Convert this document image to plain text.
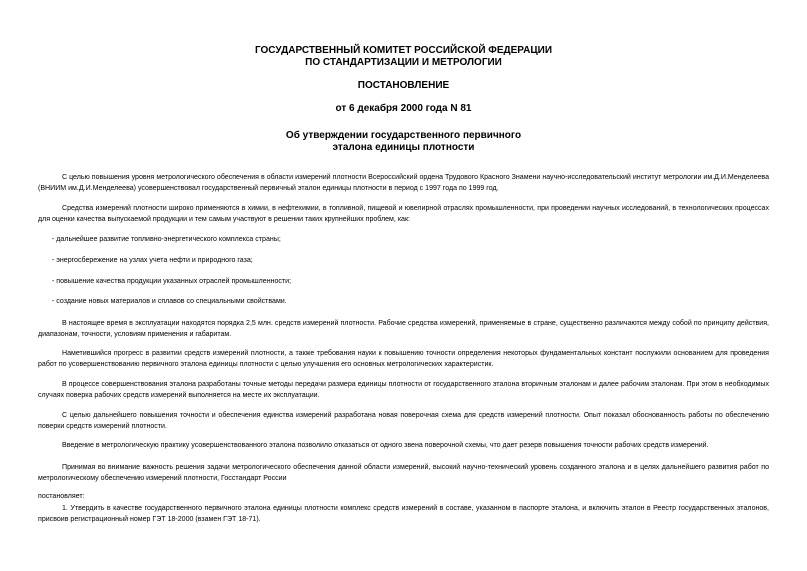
ГОСУДАРСТВЕННЫЙ КОМИТЕТ РОССИЙСКОЙ ФЕДЕРАЦИИ

ПО СТАНДАРТИЗАЦИИ И МЕТРОЛОГИИ

ПОСТАНОВЛЕНИЕ

от 6 декабря 2000 года N 81

Об утверждении государственного первичного

эталона единицы плотности

С целью повышения уровня метрологического обеспечения в области измерений плотности Всероссийский ордена Трудового Красного Знамени научно-исследовательский институт метрологии им.Д.И.Менделеева (ВНИИМ им.Д.И.Менделеева) усовершенствовал государственный первичный эталон единицы плотности в период с 1997 года по 1999 год.

Средства измерений плотности широко применяются в химии, в нефтехимии, в топливной, пищевой и ювелирной отраслях промышленности, при проведении научных исследований, в технологических процессах для оценки качества выпускаемой продукции и тем самым участвуют в решении таких крупнейших проблем, как:

- дальнейшее развитие топливно-энергетического комплекса страны;

- энергосбережение на узлах учета нефти и природного газа;

- повышение качества продукции указанных отраслей промышленности;

- создание новых материалов и сплавов со специальными свойствами.

В настоящее время в эксплуатации находятся порядка 2,5 млн. средств измерений плотности. Рабочие средства измерений, применяемые в стране, существенно различаются между собой по принципу действия, диапазонам, точности, условиям применения и габаритам.

Наметившийся прогресс в развитии средств измерений плотности, а также требования науки к повышению точности определения некоторых фундаментальных констант послужили основанием для проведения работ по усовершенствованию первичного эталона единицы плотности с целью улучшения его основных метрологических характеристик.

В процессе совершенствования эталона разработаны точные методы передачи размера единицы плотности от государственного эталона вторичным эталонам и далее рабочим эталонам. При этом в необходимых случаях поверка рабочих средств измерений выполняется на месте их эксплуатации.

С целью дальнейшего повышения точности и обеспечения единства измерений разработана новая поверочная схема для средств измерений плотности. Опыт показал обоснованность работы по обеспечению поверки средств измерений плотности.

Введение в метрологическую практику усовершенствованного эталона позволило отказаться от одного звена поверочной схемы, что дает резерв повышения точности рабочих средств измерений.

Принимая во внимание важность решения задачи метрологического обеспечения данной области измерений, высокий научно-технический уровень созданного эталона и в целях дальнейшего развития работ по метрологическому обеспечению измерений плотности, Госстандарт России

постановляет:

1. Утвердить в качестве государственного первичного эталона единицы плотности комплекс средств измерений в составе, указанном в паспорте эталона, и включить эталон в Реестр государственных эталонов, присвоив регистрационный номер ГЭТ 18-2000 (взамен ГЭТ 18-71).
